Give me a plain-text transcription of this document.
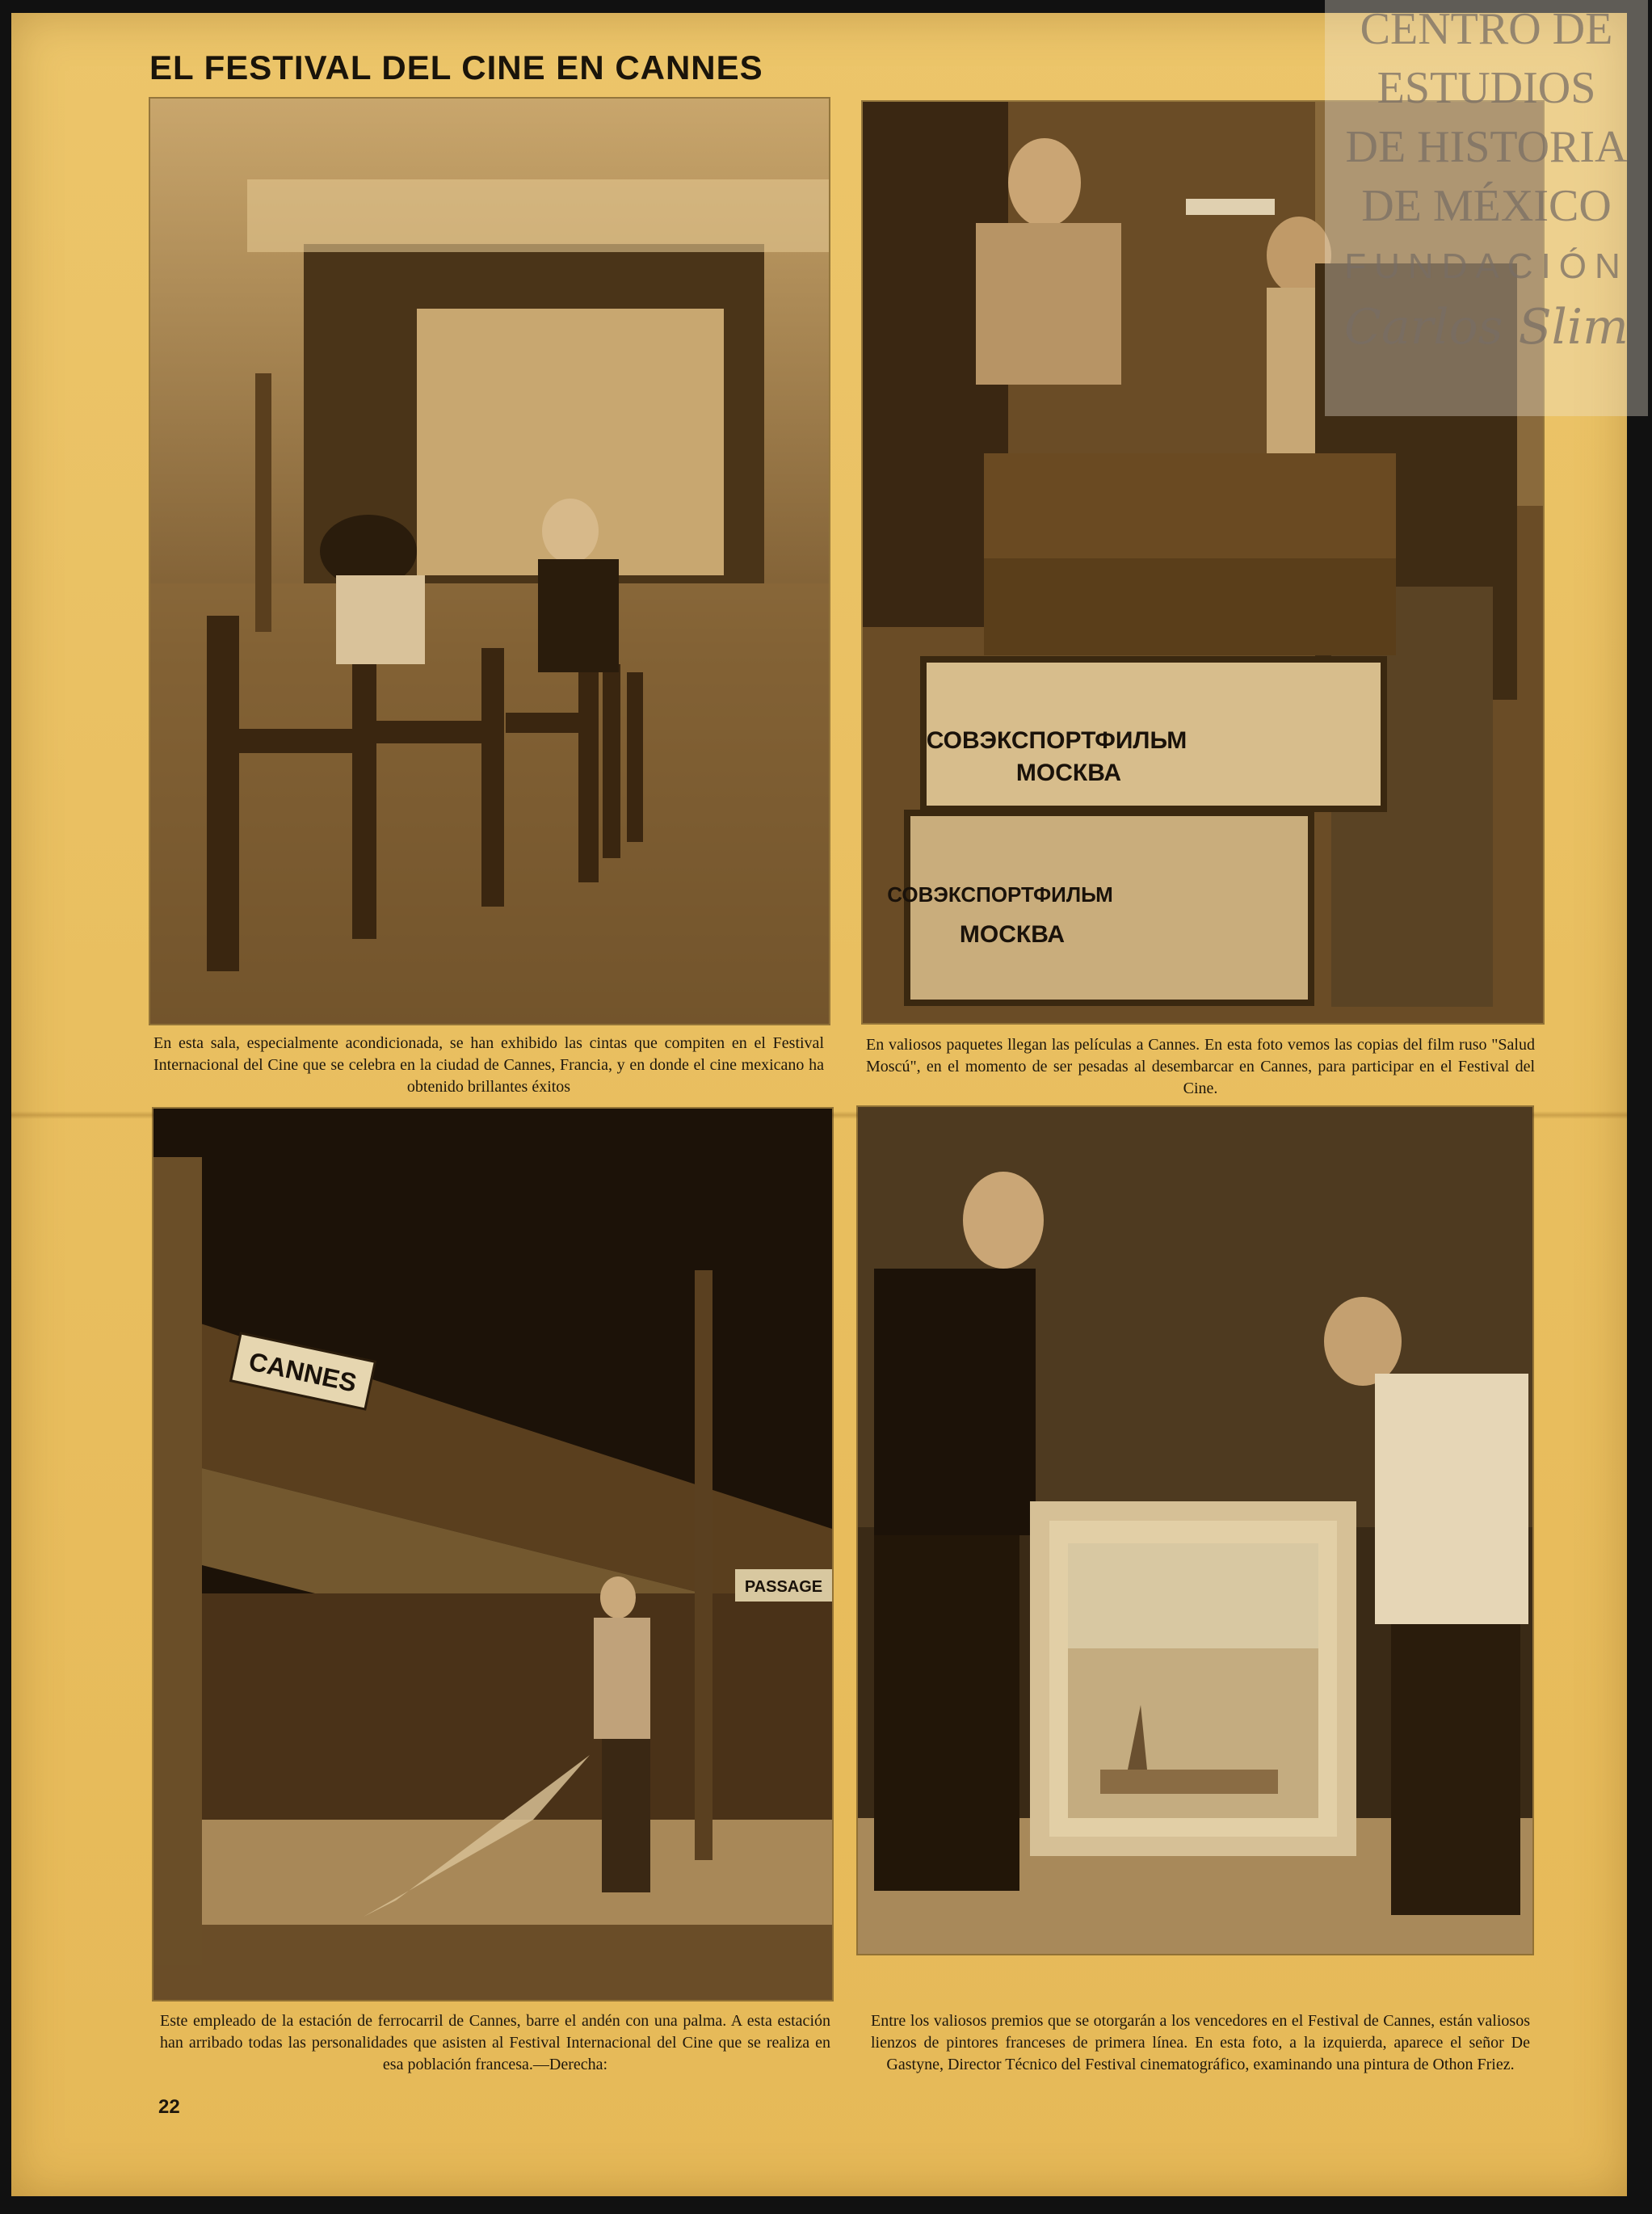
EL FESTIVAL DEL CINE EN CANNES

En esta sala, especialmente acondicionada, se han exhibido las cintas que compiten en el Festival Internacional del Cine que se celebra en la ciudad de Cannes, Francia, y en donde el cine mexicano ha obtenido brillantes éxitos

СОВЭКСПОРТФИЛЬМ
МОСКВА
СОВЭКСПОРТФИЛЬМ
МОСКВА

En valiosos paquetes llegan las películas a Cannes. En esta foto vemos las copias del film ruso "Salud Moscú", en el momento de ser pesadas al desembarcar en Cannes, para participar en el Festival del Cine.

CANNES
PASSAGE

Este empleado de la estación de ferrocarril de Cannes, barre el andén con una palma. A esta estación han arribado todas las personalidades que asisten al Festival Internacional del Cine que se realiza en esa población francesa.—Derecha:

Entre los valiosos premios que se otorgarán a los vencedores en el Festival de Cannes, están valiosos lienzos de pintores franceses de primera línea. En esta foto, a la izquierda, aparece el señor De Gastyne, Director Técnico del Festival cinematográfico, examinando una pintura de Othon Friez.

22
CENTRO DE
ESTUDIOS
DE HISTORIA
DE MÉXICO
FUNDACIÓN
Carlos Slim
